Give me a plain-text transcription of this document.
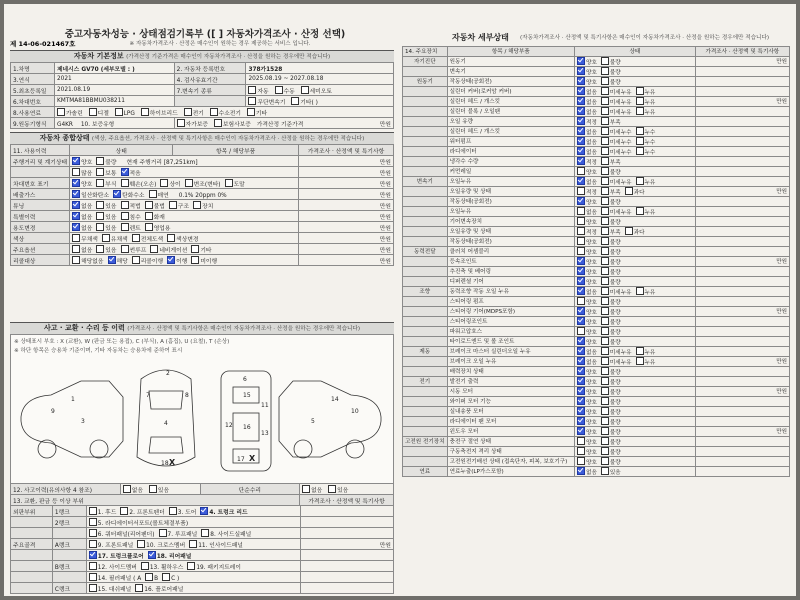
중고자동차성능 · 상태점검기록부 ([ ] 자동차가격조사 · 산정 선택)
※ 자동차가격조사 · 산정은 매수인이 원하는 경우 제공하는 서비스 입니다.
제 14-06-021467호
자동차 기본정보 (가격산정 기준가격은 매수인이 자동차가격조사 · 산정을 원하는 경우에만 적습니다)
1.차명	제네시스 GV70 (세부모델 : )	2. 자동차 등록번호	378가1528
3.연식	2021	4. 검사유효기간	2025.08.19 ~ 2027.08.18
5.최초등록일	2021.08.19	7.변속기 종류	자동 수동 세미오토
6.차대번호	KMTMA81BBMU038211		무단변속기 기타( )
8.사용연료	가솔린 디젤 LPG 하이브리드 전기 수소전기 기타		
9.원동기형식	G4KR 10. 보증유형	자가보증 보험사보증 가격산정 기준가격 만원	
자동차 종합상태 (색상, 주요옵션, 가격조사 · 산정액 및 특기사항은 매수인이 자동차가격조사 · 산정을 원하는 경우에만 적습니다)
11. 사용이력	상태	항목 / 해당부품	가격조사 · 산정액 및 특기사항
주행거리 및 계기상태	양호 불량 현재 주행거리 [87,251km]		만원
	많음 보통 적음		만원
차대번호 표기	양호 부식 훼손(오손) 상이 변조(변타) 도말		만원
배출가스	일산화탄소 탄화수소 매연 0.1% 20ppm 0%		만원
튜닝	없음 있음 적법 불법 구조 장치		만원
특별이력	없음 있음 침수 화재		만원
용도변경	없음 있음 렌트 영업용		만원
색상	무채색 유채색 전체도색 색상변경		만원
주요옵션	없음 있음 썬루프 네비게이션 기타		만원
리콜대상	해당없음 해당 리콜이행 이행 미이행		만원
사고 · 교환 · 수리 등 이력 (가격조사 · 산정액 및 특기사항은 매수인이 자동차가격조사 · 산정을 원하는 경우에만 적습니다)
※ 상태표시 부호 : X (교환), W (판금 또는 용접), C (부식), A (흠집), U (요철), T (손상)
※ 하단 항목은 승용차 기준이며, 기타 자동차는 승용차에 준하여 표시
1
2
3	4	5
6
7	8
9	10
11
12
13
14
15
16
17
18 X	X
12. 사고이력(유의사항 4 참조)	없음 있음	단순수리	없음 있음
13. 교환, 판금 등 이상 부위			가격조사 · 산정액 및 특기사항
외판부위	1랭크	1. 후드 2. 프론트펜더 3. 도어 4. 트렁크 리드	
	2랭크	5. 라디에이터서포트(볼트체결부품)	
		6. 쿼터패널(리어펜더) 7. 루프패널 8. 사이드실패널	
주요골격	A랭크	9. 프론트패널 10. 크로스멤버 11. 인사이드패널	만원
		17. 트렁크플로어 18. 리어패널	
	B랭크	12. 사이드멤버 13. 휠하우스 19. 패키지트레이	
		14. 필러패널 ( A B C )	
	C랭크	15. 대쉬패널 16. 플로어패널	
자동차 세부상태 (자동차가격조사 · 산정액 및 특기사항은 매수인이 자동차가격조사 · 산정을 원하는 경우에만 적습니다)
14. 주요장치	항목 / 해당부품	상태	가격조사 · 산정액 및 특기사항
자기진단	원동기	양호 불량	만원
	변속기	양호 불량	
원동기	작동상태(공회전)	양호 불량	
	실린더 커버(로커암 커버)	없음 미세누유 누유	
	실린더 헤드 / 개스킷	없음 미세누유 누유	만원
	실린더 블록 / 오일팬	없음 미세누유 누유	
	오일 유량	적정 부족	
	실린더 헤드 / 개스킷	없음 미세누수 누수	
	워터펌프	없음 미세누수 누수	
	라디에이터	없음 미세누수 누수	
	냉각수 수량	적정 부족	
	커먼레일	양호 불량	
변속기	오일누유	없음 미세누유 누유	
	오일유량 및 상태	적정 부족 과다	만원
	작동상태(공회전)	양호 불량	
	오일누유	없음 미세누유 누유	
	기어변속장치	양호 불량	
	오일유량 및 상태	적정 부족 과다	
	작동상태(공회전)	양호 불량	
동력전달	클러치 어셈블리	양호 불량	
	등속조인트	양호 불량	만원
	추진축 및 베어링	양호 불량	
	디퍼렌셜 기어	양호 불량	
조향	동력조향 작동 오일 누유	없음 미세누유 누유	
	스티어링 펌프	양호 불량	
	스티어링 기어(MDPS포함)	양호 불량	만원
	스티어링조인트	양호 불량	
	파워고압호스	양호 불량	
	타이로드엔드 및 볼 조인트	양호 불량	
제동	브레이크 마스터 실린더오일 누유	없음 미세누유 누유	
	브레이크 오일 누유	없음 미세누유 누유	만원
	배력장치 상태	양호 불량	
전기	발전기 출력	양호 불량	
	시동 모터	양호 불량	만원
	와이퍼 모터 기능	양호 불량	
	실내송풍 모터	양호 불량	
	라디에이터 팬 모터	양호 불량	
	윈도우 모터	양호 불량	만원
고전원 전기장치	충전구 절연 상태	양호 불량	
	구동축전지 격리 상태	양호 불량	
	고전원전기배선 상태 (접속단자, 피복, 보호기구)	양호 불량	
연료	연료누출(LP가스포함)	없음 있음	
